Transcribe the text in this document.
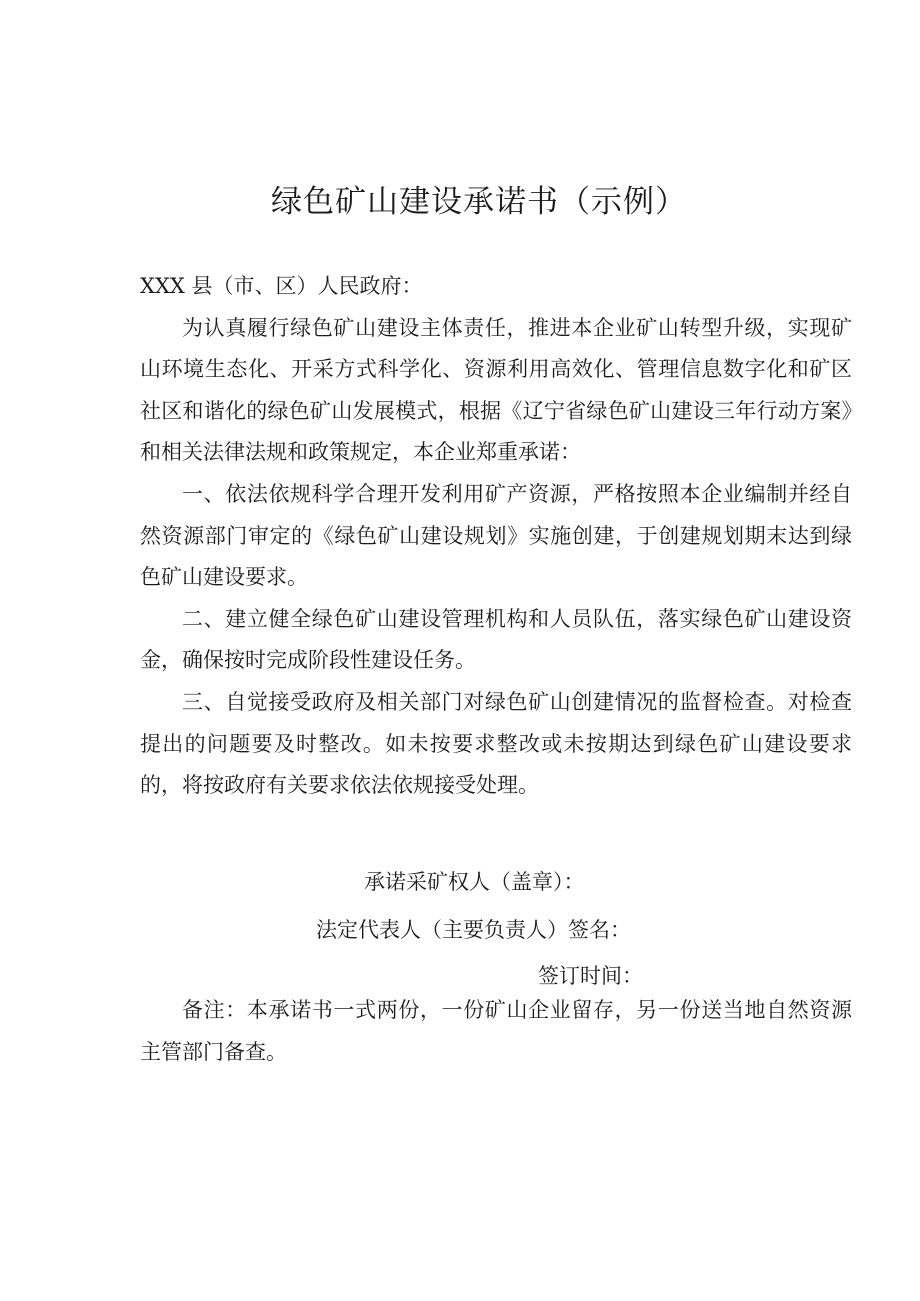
绿色矿山建设承诺书（示例）

XXX 县（市、区）人民政府：

为认真履行绿色矿山建设主体责任，推进本企业矿山转型升级，实现矿山环境生态化、开采方式科学化、资源利用高效化、管理信息数字化和矿区社区和谐化的绿色矿山发展模式，根据《辽宁省绿色矿山建设三年行动方案》和相关法律法规和政策规定，本企业郑重承诺：

一、依法依规科学合理开发利用矿产资源，严格按照本企业编制并经自然资源部门审定的《绿色矿山建设规划》实施创建，于创建规划期末达到绿色矿山建设要求。

二、建立健全绿色矿山建设管理机构和人员队伍，落实绿色矿山建设资金，确保按时完成阶段性建设任务。

三、自觉接受政府及相关部门对绿色矿山创建情况的监督检查。对检查提出的问题要及时整改。如未按要求整改或未按期达到绿色矿山建设要求的，将按政府有关要求依法依规接受处理。

承诺采矿权人（盖章）：
法定代表人（主要负责人）签名：
签订时间：

备注：本承诺书一式两份，一份矿山企业留存，另一份送当地自然资源主管部门备查。
